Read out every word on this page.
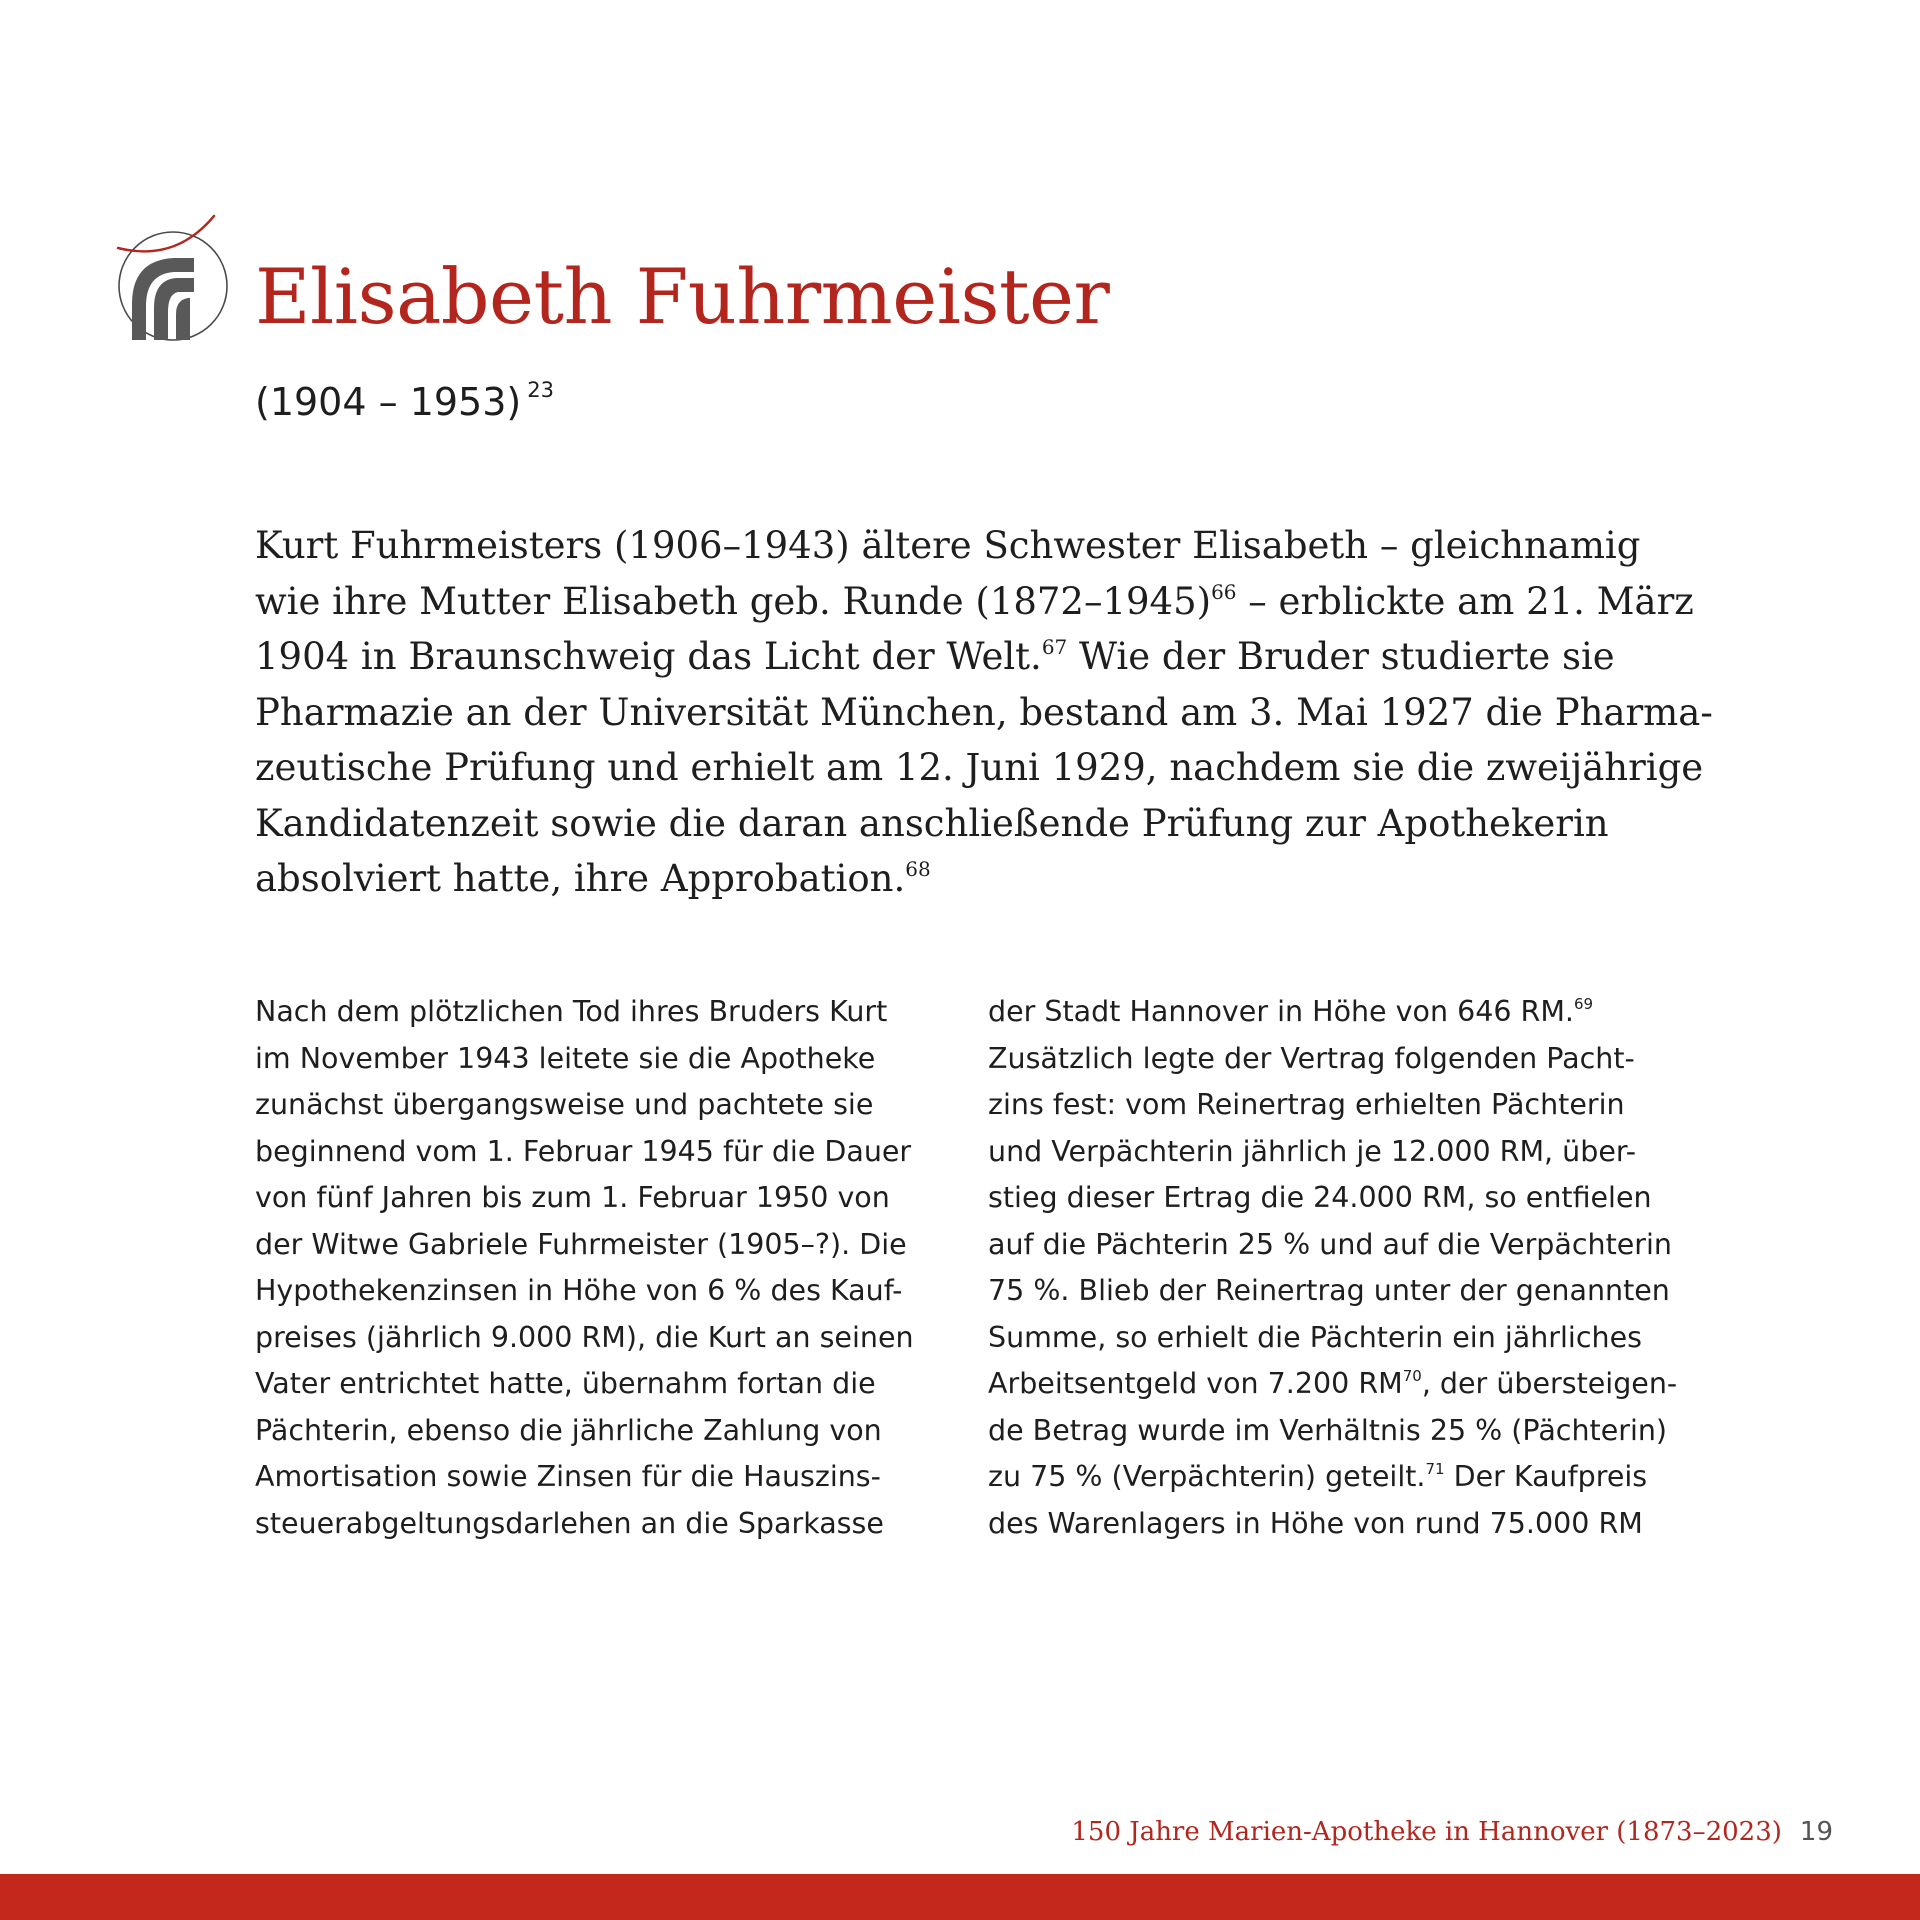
Elisabeth Fuhrmeister
(1904 – 1953) $^{23}$

Kurt Fuhrmeisters (1906–1943) ältere Schwester Elisabeth – gleichnamig
wie ihre Mutter Elisabeth geb. Runde (1872–1945)$^{66}$ – erblickte am 21. März
1904 in Braunschweig das Licht der Welt.$^{67}$ Wie der Bruder studierte sie
Pharmazie an der Universität München, bestand am 3. Mai 1927 die Pharma-
zeutische Prüfung und erhielt am 12. Juni 1929, nachdem sie die zweijährige
Kandidatenzeit sowie die daran anschließende Prüfung zur Apothekerin
absolviert hatte, ihre Approbation.$^{68}$

Nach dem plötzlichen Tod ihres Bruders Kurt
im November 1943 leitete sie die Apotheke
zunächst übergangsweise und pachtete sie
beginnend vom 1. Februar 1945 für die Dauer
von fünf Jahren bis zum 1. Februar 1950 von
der Witwe Gabriele Fuhrmeister (1905–?). Die
Hypothekenzinsen in Höhe von 6 % des Kauf-
preises (jährlich 9.000 RM), die Kurt an seinen
Vater entrichtet hatte, übernahm fortan die
Pächterin, ebenso die jährliche Zahlung von
Amortisation sowie Zinsen für die Hauszins-
steuerabgeltungsdarlehen an die Sparkasse
der Stadt Hannover in Höhe von 646 RM.$^{69}$
Zusätzlich legte der Vertrag folgenden Pacht-
zins fest: vom Reinertrag erhielten Pächterin
und Verpächterin jährlich je 12.000 RM, über-
stieg dieser Ertrag die 24.000 RM, so entfielen
auf die Pächterin 25 % und auf die Verpächterin
75 %. Blieb der Reinertrag unter der genannten
Summe, so erhielt die Pächterin ein jährliches
Arbeitsentgeld von 7.200 RM$^{70}$, der übersteigen-
de Betrag wurde im Verhältnis 25 % (Pächterin)
zu 75 % (Verpächterin) geteilt.$^{71}$ Der Kaufpreis
des Warenlagers in Höhe von rund 75.000 RM
150 Jahre Marien-Apotheke in Hannover (1873–2023) 19
